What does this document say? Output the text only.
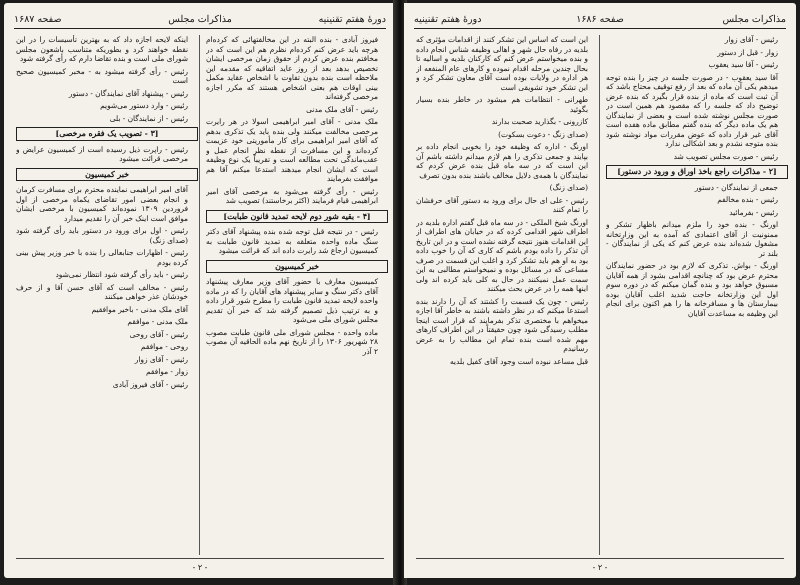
صفحه ۱۶۸۷	مذاکرات مجلس	دورهٔ هفتم تقنینیه

فیروز آبادی - بنده البته در این مخالفتهائی که کرده‌ام هرچه باید عرض کنم کرده‌ام نظرم هم این است که در مخافتم بنده عرض کردم از حقوق زمان مرخصی ایشان تخصیص بدهد بعد از روز عاید اتفاقیه که مقدمه این ملاحظه است بنده بدون تفاوت با اشخاص عقاید مکمل بینی اوقات هم بعنی اشخاص هستند که مکرر اجازه مرخصی گرفته‌اند

رئیس - آقای ملک مدنی

ملک مدنی - آقای امیر ابراهیمی اسولا در هر رایرت مرخصی مخالفت میکنند ولی بنده باید یک تذکری بدهم که آقای امیر ابراهیمی برای کار مأموریتی خود عزیمت کرده‌اند و این مسافرت از نقطه نظر انجام عمل و عقب‌ماندگی تحت مطالعه است و تقریباً یک نوع وظیفه است که ایشان انجام میدهند استدعا میکنم آقا هم موافقت بفرمایند

رئیس - رأی گرفته می‌شود به مرخصی آقای امیر ابراهیمی قیام فرمایند (اکثر برخاستند) تصویب شد

[۴ - بقیه شور دوم لایحه تمدید قانون طبابت]

رئیس - در نتیجه قبل توجه شده بنده پیشنهاد آقای دکتر سنگ ماده واحده متعلقه به تمدید قانون طبابت به کمیسیون ارجاع شد رایرت داده اند که قرائت میشود

خبر کمیسیون

کمیسیون معارف با حضور آقای وزیر معارف پیشنهاد آقای دکتر سنگ و سایر پیشنهاد های آقایان را که در ماده واحده لایحه تمدید قانون طبابت را مطرح شور قرار داده و به ترتیب ذیل تصمیم گرفته شد که خبر آن تقدیم مجلس شورای ملی می‌شود

ماده واحده - مجلس شورای ملی قانون طبابت مصوب ۲۸ شهریور ۱۳۰۶ را از تاریخ نهم ماده الحاقیه آن مصوب ۲ آذر

اینکه لایحه اجازه داد که به بهترین تأسیسات را در این نقطه خواهند کرد و بطوریکه متناسب باشعون مجلس شورای ملی است و بنده تقاضا دارم که رأی گرفته شود

رئیس - رأی گرفته میشود به - مخبر کمیسیون صحیح است

رئیس - پیشنهاد آقای نمایندگان - دستور

رئیس - وارد دستور می‌شویم

رئیس - از نمایندگان - بلی

[۳ - تصویب یک فقره مرخصی]

رئیس - راپرت ذیل رسیده است از کمیسیون عرایض و مرخصی قرائت میشود

خبر کمیسیون

آقای امیر ابراهیمی نماینده محترم برای مسافرت کرمان و انجام بعضی امور تقاضای یکماه مرخصی از اول فروردین ۱۳۰۹ نموده‌اند کمیسیون با مرخصی ایشان موافق است اینک خبر آن را تقدیم میدارد

رئیس - اول برای ورود در دستور باید رأی گرفته شود (صدای زنگ)

رئیس - اظهارات جنابعالی را بنده با خبر وزیر پیش بینی کرده بودم

رئیس - باید رأی گرفته شود انتظار نمی‌شود

رئیس - مخالف است که آقای حسن آقا و از حرف خودشان عذر خواهی میکنند

آقای ملک مدنی - باخیر موافقیم

ملک مدنی - موافقم

رئیس - آقای روحی

روحی - موافقم

رئیس - آقای زوار

زوار - موافقم

رئیس - آقای فیروز آبادی

- ۲ -
دورهٔ هفتم تقنینیه	صفحه ۱۶۸۶	مذاکرات مجلس

رئیس - آقای زوار

زوار - قبل از دستور

رئیس - آقا سید یعقوب

آقا سید یعقوب - در صورت جلسه در چیز را بنده توجه میدهم یکی آن ماده که بعد از رفع توقیف محتاج باشد که آن ثبت است که ماده از بنده قرار بگیرد که بنده عرض توضیح داد که جلسه را که مقصود هم همین است در صورت مجلس نوشته شده است و بعضی از نمایندگان هم یک ماده دیگر که بنده گفتم مطابق ماده هفده است آقای غیر قرار داده که عوض مقررات مواد نوشته شود بنده متوجه نشدم و بعد اشکالی ندارد

رئیس - صورت مجلس تصویب شد

[۲ - مذاکرات راجع باخذ اوراق و ورود در دستور]

جمعی از نمایندگان - دستور

رئیس - بنده مخالفم

رئیس - بفرمائید

اورنگ - بنده خود را ملزم میدانم باظهار تشکر و ممنونیت از آقای اعتمادی که آمده به این وزارتخانه مشغول شده‌اند بنده عرض کنم که یکی از نمایندگان - بلند تر

اورنگ - بواش. تذکری که لازم بود در حضور نمایندگان محترم عرض بود که چنانچه اقدامی بشود از همه آقایان مسبوق خواهد بود و بنده گمان میکنم که در دوره سوم اول این وزارتخانه حاجت شدید اغلب آقایان بوده بیمارستان ها و مسافرخانه ها را هم اکنون برای انجام این وظیفه به مساعدت آقایان

این است که اساس این تشکر کنند از اقدامات مؤثری که بلدیه در رفاه حال شهر و اهالی وظیفه شناس انجام داده و بنده میخواستم عرض کنم که کارکنان بلدیه و اسالیه تا بحال چندین مرحله اقدام نموده و کارهای عام المنفعه از هر اداره در ولایات بوده است آقای معاون تشکر کرد و این تشکر خود تشویقی است

طهرانی - انتظامات هم میشود در خاطر بنده بسیار بگوئید

کازرونی - بگذارید صحبت بدارند

(صدای زنگ - دعوت بسکوت)

اورنگ - اداره که وظیفه خود را بخوبی انجام داده بر بپایند و جمعی تذکری را هم لازم میدانم داشته باشم آن این است که در سه ماه قبل بنده عرض کردم که نمایندگان با همه‌ی دلایل مخالف باشند بنده بدون تصرف

(صدای زنگ)

رئیس - علی ای حال برای ورود به دستور آقای حرفشان را تمام کنند

اورنگ شیخ الملکی - در سه ماه قبل گفتم اداره بلدیه در اطراف شهر اقدامی کرده که در خیابان های اطراف از این اقدامات هنوز نتیجه گرفته نشده است و در این تاریخ آن تذکر را داده بودم باشم که کاری که آن را خوب داده بود به او هم باید تشکر کرد و اغلب این قسمت در صرف مساعی که در مسائل بوده و نمیخواستم مطالبی به این سمت عمل نمیکنند در حال به کلی باید کرده اند ولی اینها همه را در عرض بحث میکنند

رئیس - چون یک قسمت را کشتند که آن را دارند بنده استدعا میکنم که در نظر داشته باشند به خاطر آقا اجازه میخواهم با مختصری تذکر بفرمایند که قرار است اینجا مطلب رسیدگی شود چون حقیقتاً در این اطراف کارهای مهم شده است بنده تمام این مطالب را به عرض رسانیدم

قبل مساعد نبوده است وجود آقای کفیل بلدیه

- ۲ -
